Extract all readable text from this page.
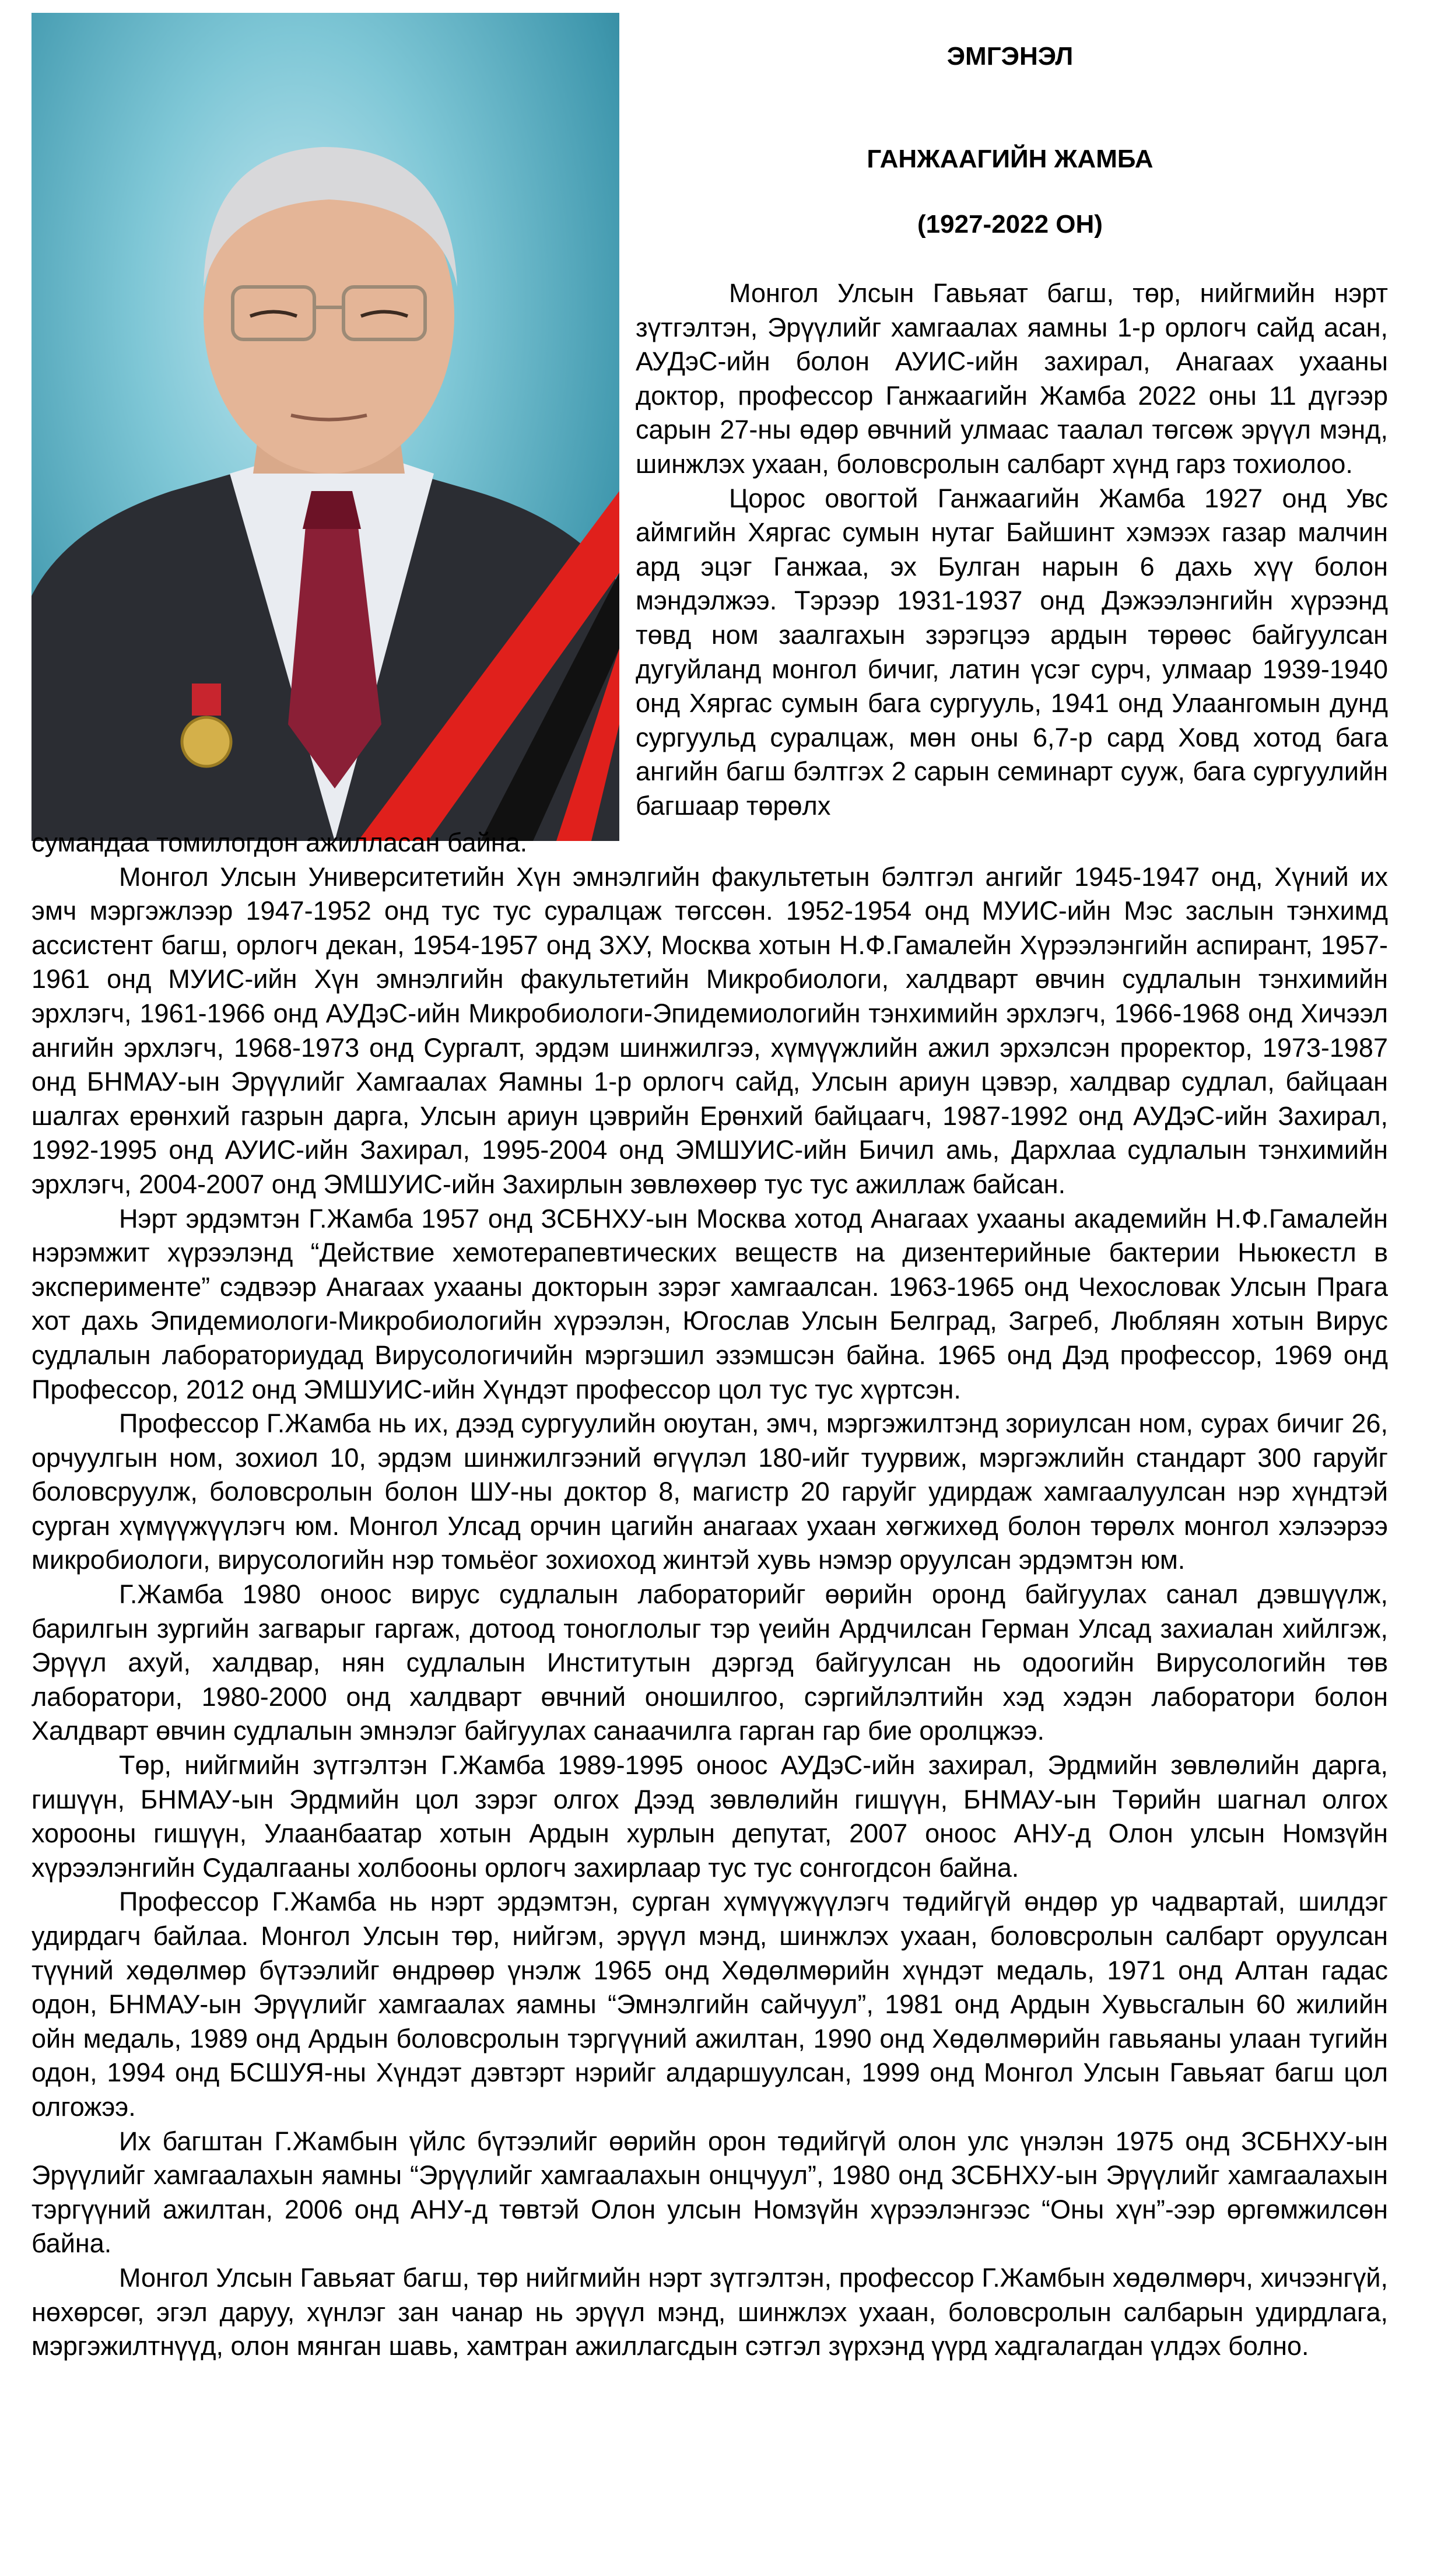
ЭМГЭНЭЛ
ГАНЖААГИЙН ЖАМБА
(1927-2022 ОН)

Монгол Улсын Гавьяат багш, төр, нийгмийн нэрт зүтгэлтэн, Эрүүлийг хамгаалах яамны 1-р орлогч сайд асан, АУДэС-ийн болон АУИС-ийн захирал, Анагаах ухааны доктор, профессор Ганжаагийн Жамба 2022 оны 11 дүгээр сарын 27-ны өдөр өвчний улмаас таалал төгсөж эрүүл мэнд, шинжлэх ухаан, боловсролын салбарт хүнд гарз тохиолоо.

Цорос овогтой Ганжаагийн Жамба 1927 онд Увс аймгийн Хяргас сумын нутаг Байшинт хэмээх газар малчин ард эцэг Ганжаа, эх Булган нарын 6 дахь хүү болон мэндэлжээ. Тэрээр 1931-1937 онд Дэжээлэнгийн хүрээнд төвд ном заалгахын зэрэгцээ ардын төрөөс байгуулсан дугуйланд монгол бичиг, латин үсэг сурч, улмаар 1939-1940 онд Хяргас сумын бага сургууль, 1941 онд Улаангомын дунд сургуульд суралцаж, мөн оны 6,7-р сард Ховд хотод бага ангийн багш бэлтгэх 2 сарын семинарт сууж, бага сургуулийн багшаар төрөлх

сумандаа томилогдон ажилласан байна.

Монгол Улсын Университетийн Хүн эмнэлгийн факультетын бэлтгэл ангийг 1945-1947 онд, Хүний их эмч мэргэжлээр 1947-1952 онд тус тус суралцаж төгссөн. 1952-1954 онд МУИС-ийн Мэс заслын тэнхимд ассистент багш, орлогч декан, 1954-1957 онд ЗХУ, Москва хотын Н.Ф.Гамалейн Хүрээлэнгийн аспирант, 1957-1961 онд МУИС-ийн Хүн эмнэлгийн факультетийн Микробиологи, халдварт өвчин судлалын тэнхимийн эрхлэгч, 1961-1966 онд АУДэС-ийн Микробиологи-Эпидемиологийн тэнхимийн эрхлэгч, 1966-1968 онд Хичээл ангийн эрхлэгч, 1968-1973 онд Сургалт, эрдэм шинжилгээ, хүмүүжлийн ажил эрхэлсэн проректор, 1973-1987 онд БНМАУ-ын Эрүүлийг Хамгаалах Яамны 1-р орлогч сайд, Улсын ариун цэвэр, халдвар судлал, байцаан шалгах ерөнхий газрын дарга, Улсын ариун цэврийн Ерөнхий байцаагч, 1987-1992 онд АУДэС-ийн Захирал, 1992-1995 онд АУИС-ийн Захирал, 1995-2004 онд ЭМШУИС-ийн Бичил амь, Дархлаа судлалын тэнхимийн эрхлэгч, 2004-2007 онд ЭМШУИС-ийн Захирлын зөвлөхөөр тус тус ажиллаж байсан.

Нэрт эрдэмтэн Г.Жамба 1957 онд ЗСБНХУ-ын Москва хотод Анагаах ухааны академийн Н.Ф.Гамалейн нэрэмжит хүрээлэнд “Действие хемотерапевтических веществ на дизентерийные бактерии Ньюкестл в эксперименте” сэдвээр Анагаах ухааны докторын зэрэг хамгаалсан. 1963-1965 онд Чехословак Улсын Прага хот дахь Эпидемиологи-Микробиологийн хүрээлэн, Югослав Улсын Белград, Загреб, Любляян хотын Вирус судлалын лабораториудад Вирусологичийн мэргэшил эзэмшсэн байна. 1965 онд Дэд профессор, 1969 онд Профессор, 2012 онд ЭМШУИС-ийн Хүндэт профессор цол тус тус хүртсэн.

Профессор Г.Жамба нь их, дээд сургуулийн оюутан, эмч, мэргэжилтэнд зориулсан ном, сурах бичиг 26, орчуулгын ном, зохиол 10, эрдэм шинжилгээний өгүүлэл 180-ийг туурвиж, мэргэжлийн стандарт 300 гаруйг боловсруулж, боловсролын болон ШУ-ны доктор 8, магистр 20 гаруйг удирдаж хамгаалуулсан нэр хүндтэй сурган хүмүүжүүлэгч юм. Монгол Улсад орчин цагийн анагаах ухаан хөгжихөд болон төрөлх монгол хэлээрээ микробиологи, вирусологийн нэр томьёог зохиоход жинтэй хувь нэмэр оруулсан эрдэмтэн юм.

Г.Жамба 1980 оноос вирус судлалын лабораторийг өөрийн оронд байгуулах санал дэвшүүлж, барилгын зургийн загварыг гаргаж, дотоод тоноглолыг тэр үеийн Ардчилсан Герман Улсад захиалан хийлгэж, Эрүүл ахуй, халдвар, нян судлалын Институтын дэргэд байгуулсан нь одоогийн Вирусологийн төв лаборатори, 1980-2000 онд халдварт өвчний оношилгоо, сэргийлэлтийн хэд хэдэн лаборатори болон Халдварт өвчин судлалын эмнэлэг байгуулах санаачилга гарган гар бие оролцжээ.

Төр, нийгмийн зүтгэлтэн Г.Жамба 1989-1995 оноос АУДэС-ийн захирал, Эрдмийн зөвлөлийн дарга, гишүүн, БНМАУ-ын Эрдмийн цол зэрэг олгох Дээд зөвлөлийн гишүүн, БНМАУ-ын Төрийн шагнал олгох хорооны гишүүн, Улаанбаатар хотын Ардын хурлын депутат, 2007 оноос АНУ-д Олон улсын Номзүйн хүрээлэнгийн Судалгааны холбооны орлогч захирлаар тус тус сонгогдсон байна.

Профессор Г.Жамба нь нэрт эрдэмтэн, сурган хүмүүжүүлэгч төдийгүй өндөр ур чадвартай, шилдэг удирдагч байлаа. Монгол Улсын төр, нийгэм, эрүүл мэнд, шинжлэх ухаан, боловсролын салбарт оруулсан түүний хөдөлмөр бүтээлийг өндрөөр үнэлж 1965 онд Хөдөлмөрийн хүндэт медаль, 1971 онд Алтан гадас одон, БНМАУ-ын Эрүүлийг хамгаалах яамны “Эмнэлгийн сайчуул”, 1981 онд Ардын Хувьсгалын 60 жилийн ойн медаль, 1989 онд Ардын боловсролын тэргүүний ажилтан, 1990 онд Хөдөлмөрийн гавьяаны улаан тугийн одон, 1994 онд БСШУЯ-ны Хүндэт дэвтэрт нэрийг алдаршуулсан, 1999 онд Монгол Улсын Гавьяат багш цол олгожээ.

Их багштан Г.Жамбын үйлс бүтээлийг өөрийн орон төдийгүй олон улс үнэлэн 1975 онд ЗСБНХУ-ын Эрүүлийг хамгаалахын яамны “Эрүүлийг хамгаалахын онцчуул”, 1980 онд ЗСБНХУ-ын Эрүүлийг хамгаалахын тэргүүний ажилтан, 2006 онд АНУ-д төвтэй Олон улсын Номзүйн хүрээлэнгээс “Оны хүн”-ээр өргөмжилсөн байна.

Монгол Улсын Гавьяат багш, төр нийгмийн нэрт зүтгэлтэн, профессор Г.Жамбын хөдөлмөрч, хичээнгүй, нөхөрсөг, эгэл даруу, хүнлэг зан чанар нь эрүүл мэнд, шинжлэх ухаан, боловсролын салбарын удирдлага, мэргэжилтнүүд, олон мянган шавь, хамтран ажиллагсдын сэтгэл зүрхэнд үүрд хадгалагдан үлдэх болно.
